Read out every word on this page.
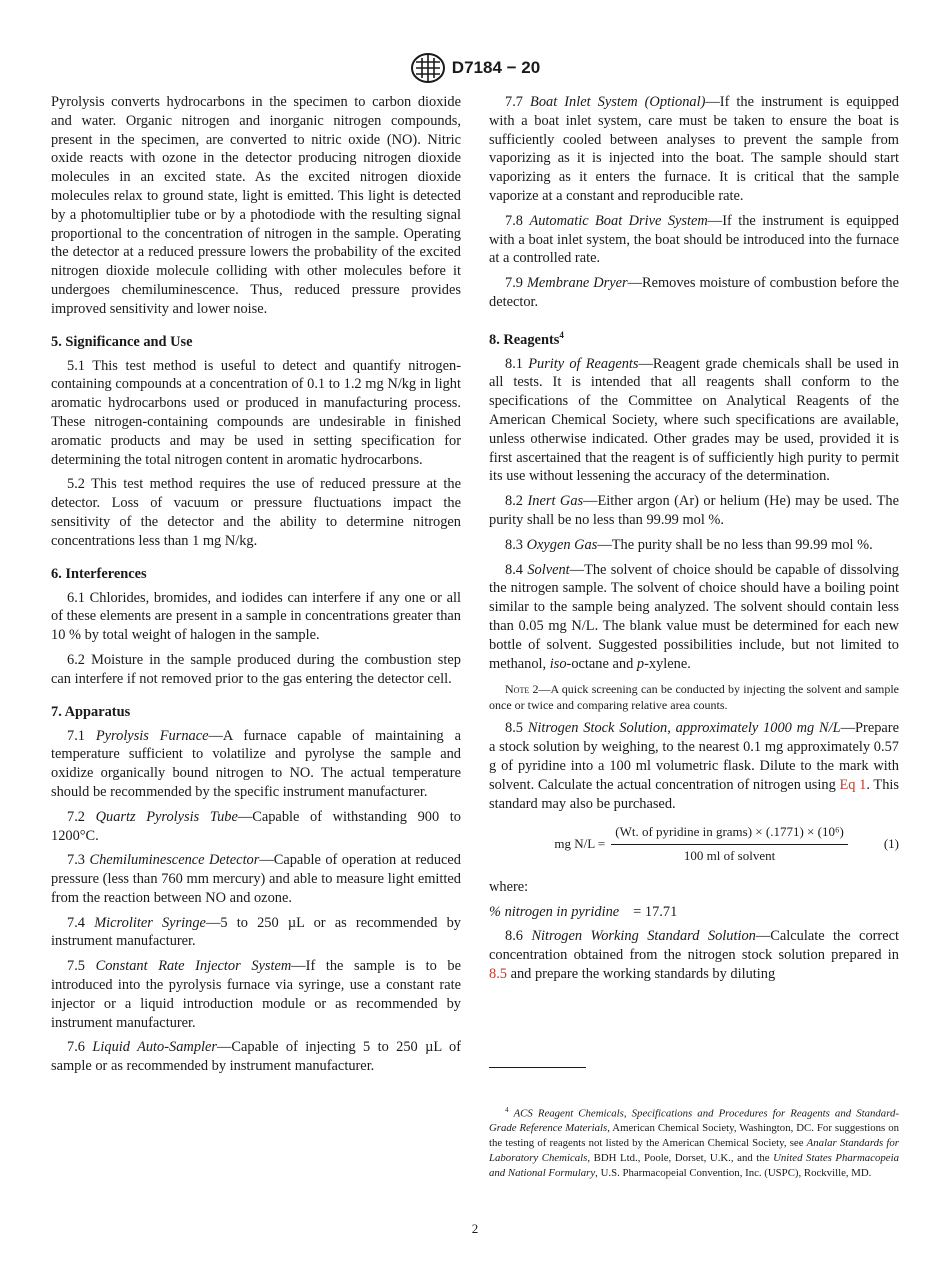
D7184 − 20

Pyrolysis converts hydrocarbons in the specimen to carbon dioxide and water. Organic nitrogen and inorganic nitrogen compounds, present in the specimen, are converted to nitric oxide (NO). Nitric oxide reacts with ozone in the detector producing nitrogen dioxide molecules in an excited state. As the excited nitrogen dioxide molecules relax to ground state, light is emitted. This light is detected by a photomultiplier tube or by a photodiode with the resulting signal proportional to the concentration of nitrogen in the sample. Operating the detector at a reduced pressure lowers the probability of the excited nitrogen dioxide molecule colliding with other molecules before it undergoes chemiluminescence. Thus, reduced pressure provides improved sensitivity and lower noise.

5. Significance and Use

5.1 This test method is useful to detect and quantify nitrogen-containing compounds at a concentration of 0.1 to 1.2 mg N/kg in light aromatic hydrocarbons used or produced in manufacturing process. These nitrogen-containing compounds are undesirable in finished aromatic products and may be used in setting specification for determining the total nitrogen content in aromatic hydrocarbons.

5.2 This test method requires the use of reduced pressure at the detector. Loss of vacuum or pressure fluctuations impact the sensitivity of the detector and the ability to determine nitrogen concentrations less than 1 mg N/kg.

6. Interferences

6.1 Chlorides, bromides, and iodides can interfere if any one or all of these elements are present in a sample in concentrations greater than 10 % by total weight of halogen in the sample.

6.2 Moisture in the sample produced during the combustion step can interfere if not removed prior to the gas entering the detector cell.

7. Apparatus

7.1 Pyrolysis Furnace—A furnace capable of maintaining a temperature sufficient to volatilize and pyrolyse the sample and oxidize organically bound nitrogen to NO. The actual temperature should be recommended by the specific instrument manufacturer.

7.2 Quartz Pyrolysis Tube—Capable of withstanding 900 to 1200°C.

7.3 Chemiluminescence Detector—Capable of operation at reduced pressure (less than 760 mm mercury) and able to measure light emitted from the reaction between NO and ozone.

7.4 Microliter Syringe—5 to 250 µL or as recommended by instrument manufacturer.

7.5 Constant Rate Injector System—If the sample is to be introduced into the pyrolysis furnace via syringe, use a constant rate injector or a liquid introduction module or as recommended by instrument manufacturer.

7.6 Liquid Auto-Sampler—Capable of injecting 5 to 250 µL of sample or as recommended by instrument manufacturer.

7.7 Boat Inlet System (Optional)—If the instrument is equipped with a boat inlet system, care must be taken to ensure the boat is sufficiently cooled between analyses to prevent the sample from vaporizing as it is injected into the boat. The sample should start vaporizing as it enters the furnace. It is critical that the sample vaporize at a constant and reproducible rate.

7.8 Automatic Boat Drive System—If the instrument is equipped with a boat inlet system, the boat should be introduced into the furnace at a controlled rate.

7.9 Membrane Dryer—Removes moisture of combustion before the detector.

8. Reagents$^4$

8.1 Purity of Reagents—Reagent grade chemicals shall be used in all tests. It is intended that all reagents shall conform to the specifications of the Committee on Analytical Reagents of the American Chemical Society, where such specifications are available, unless otherwise indicated. Other grades may be used, provided it is first ascertained that the reagent is of sufficiently high purity to permit its use without lessening the accuracy of the determination.

8.2 Inert Gas—Either argon (Ar) or helium (He) may be used. The purity shall be no less than 99.99 mol %.

8.3 Oxygen Gas—The purity shall be no less than 99.99 mol %.

8.4 Solvent—The solvent of choice should be capable of dissolving the nitrogen sample. The solvent of choice should have a boiling point similar to the sample being analyzed. The solvent should contain less than 0.05 mg N/L. The blank value must be determined for each new bottle of solvent. Suggested possibilities include, but not limited to methanol, iso-octane and p-xylene.

Note 2—A quick screening can be conducted by injecting the solvent and sample once or twice and comparing relative area counts.

8.5 Nitrogen Stock Solution, approximately 1000 mg N/L—Prepare a stock solution by weighing, to the nearest 0.1 mg approximately 0.57 g of pyridine into a 100 ml volumetric flask. Dilute to the mark with solvent. Calculate the actual concentration of nitrogen using Eq 1. This standard may also be purchased.

mg $N/L = \frac{\text{(Wt. of pyridine in grams) × (.1771) × (10⁶)}}{\text{100 ml of solvent}}$	(1)

where:

% nitrogen in pyridine = 17.71

8.6 Nitrogen Working Standard Solution—Calculate the correct concentration obtained from the nitrogen stock solution prepared in 8.5 and prepare the working standards by diluting

$^4$ ACS Reagent Chemicals, Specifications and Procedures for Reagents and Standard-Grade Reference Materials, American Chemical Society, Washington, DC. For suggestions on the testing of reagents not listed by the American Chemical Society, see Analar Standards for Laboratory Chemicals, BDH Ltd., Poole, Dorset, U.K., and the United States Pharmacopeia and National Formulary, U.S. Pharmacopeial Convention, Inc. (USPC), Rockville, MD.
2
